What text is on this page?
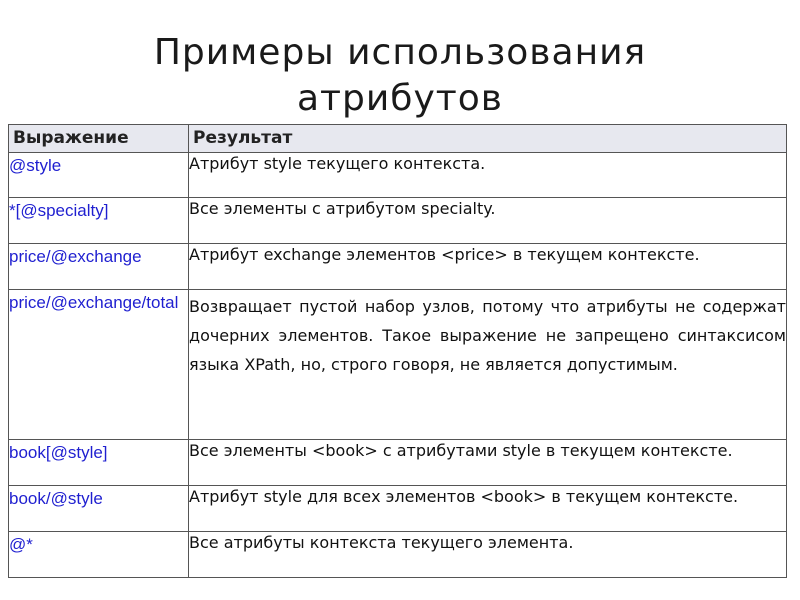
Примеры использования
атрибутов
Выражение	Результат
@style	Атрибут style текущего контекста.
*[@specialty]	Все элементы с атрибутом specialty.
price/@exchange	Атрибут exchange элементов <price> в текущем контексте.
price/@exchange/total	Возвращает пустой набор узлов, потому что атрибуты не содержат дочерних элементов. Такое выражение не запрещено синтаксисом языка XPath, но, строго говоря, не является допустимым.
book[@style]	Все элементы <book> с атрибутами style в текущем контексте.
book/@style	Атрибут style для всех элементов <book> в текущем контексте.
@*	Все атрибуты контекста текущего элемента.
